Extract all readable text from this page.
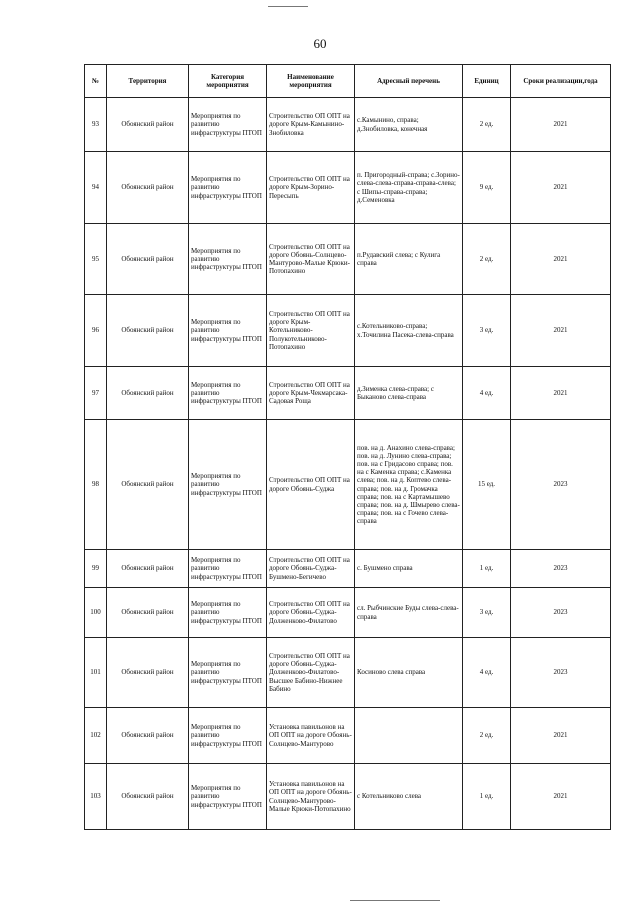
60
№	Территория	Категория мероприятия	Наименование мероприятия	Адресный перечень	Единиц	Сроки реализации,года
93	Обоянский район	Мероприятия по развитию инфраструктуры ПТОП	Строительство ОП ОПТ на дороге Крым-Камынино-Знобиловка	с.Камынино, справа; д.Знобиловка, конечная	2 ед.	2021
94	Обоянский район	Мероприятия по развитию инфраструктуры ПТОП	Строительство ОП ОПТ на дороге Крым-Зорино-Пересыпь	п. Пригородный-справа; с.Зорино-слева-слева-справа-справа-слева; с Шипы-справа-справа; д.Семеновка	9 ед.	2021
95	Обоянский район	Мероприятия по развитию инфраструктуры ПТОП	Строительство ОП ОПТ на дороге Обоянь-Солнцево-Мантурово-Малые Крюки-Потопахино	п.Рудавский слева; с Кулига справа	2 ед.	2021
96	Обоянский район	Мероприятия по развитию инфраструктуры ПТОП	Строительство ОП ОПТ на дороге Крым-Котельниково-Полукотельниково-Потопахино	с.Котельниково-справа; х.Точилина Пасека-слева-справа	3 ед.	2021
97	Обоянский район	Мероприятия по развитию инфраструктуры ПТОП	Строительство ОП ОПТ на дороге Крым-Чекмарсака-Садовая Роща	д.Зименка слева-справа; с Быканово слева-справа	4 ед.	2021
98	Обоянский район	Мероприятия по развитию инфраструктуры ПТОП	Строительство ОП ОПТ на дороге Обоянь-Суджа	пов. на д. Анахино слева-справа; пов. на д. Лунино слева-справа; пов. на с Гридасово справа; пов. на с Каменка справа; с.Каменка слева; пов. на д. Коптево слева-справа; пов. на д. Громачка справа; пов. на с Картамышево справа; пов. на д. Шмырево слева-справа; пов. на с Гочево слева-справа	15 ед.	2023
99	Обоянский район	Мероприятия по развитию инфраструктуры ПТОП	Строительство ОП ОПТ на дороге Обоянь-Суджа-Бушмено-Бегичево	с. Бушмено справа	1 ед.	2023
100	Обоянский район	Мероприятия по развитию инфраструктуры ПТОП	Строительство ОП ОПТ на дороге Обоянь-Суджа-Долженково-Филатово	сл. Рыбчинские Буды слева-слева-справа	3 ед.	2023
101	Обоянский район	Мероприятия по развитию инфраструктуры ПТОП	Строительство ОП ОПТ на дороге Обоянь-Суджа-Долженково-Филатово-Высшее Бабино-Нижнее Бабино	Косиново слева справа	4 ед.	2023
102	Обоянский район	Мероприятия по развитию инфраструктуры ПТОП	Установка павильонов на ОП ОПТ на дороге Обоянь-Солнцево-Мантурово		2 ед.	2021
103	Обоянский район	Мероприятия по развитию инфраструктуры ПТОП	Установка павильонов на ОП ОПТ на дороге Обоянь-Солнцево-Мантурово-Малые Крюки-Потопахино	с Котельниково слева	1 ед.	2021
